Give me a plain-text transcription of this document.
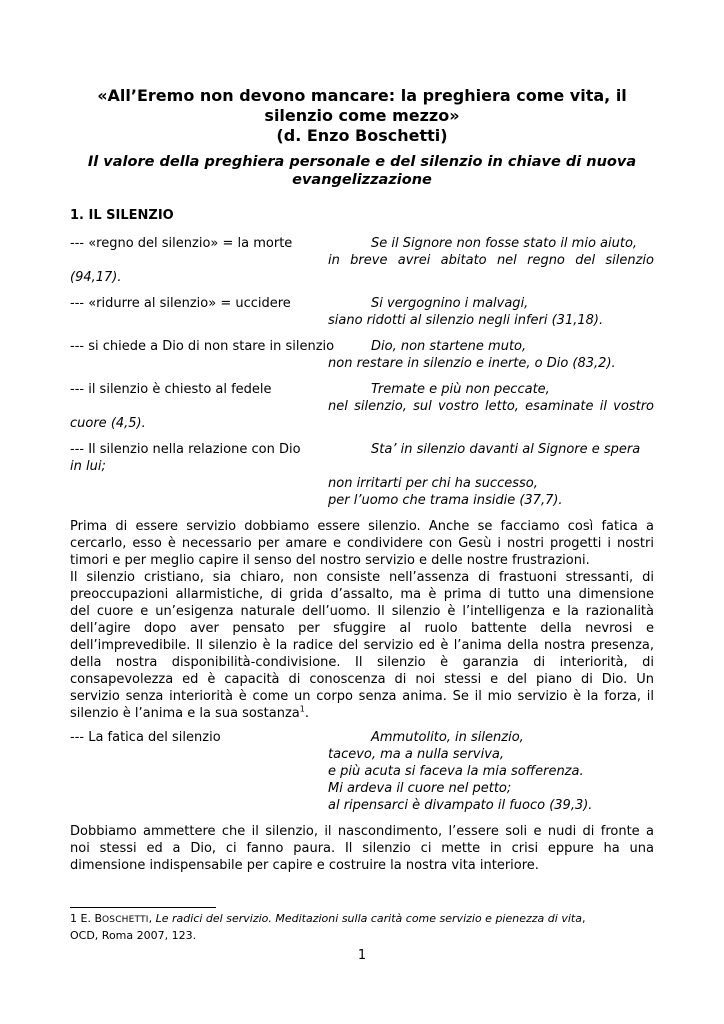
«All’Eremo non devono mancare: la preghiera come vita, il
silenzio come mezzo»
(d. Enzo Boschetti)
Il valore della preghiera personale e del silenzio in chiave di nuova
evangelizzazione
1. IL SILENZIO
--- «regno del silenzio» = la morte	Se il Signore non fosse stato il mio aiuto,
in breve avrei abitato nel regno del silenzio
(94,17).
--- «ridurre al silenzio» = uccidere	Si vergognino i malvagi,
siano ridotti al silenzio negli inferi (31,18).
--- si chiede a Dio di non stare in silenzio	Dio, non startene muto,
non restare in silenzio e inerte, o Dio (83,2).
--- il silenzio è chiesto al fedele	Tremate e più non peccate,
nel silenzio, sul vostro letto, esaminate il vostro
cuore (4,5).
--- Il silenzio nella relazione con Dio	Sta’ in silenzio davanti al Signore e spera
in lui;
non irritarti per chi ha successo,
per l’uomo che trama insidie (37,7).
Prima di essere servizio dobbiamo essere silenzio. Anche se facciamo così fatica a
cercarlo, esso è necessario per amare e condividere con Gesù i nostri progetti i nostri
timori e per meglio capire il senso del nostro servizio e delle nostre frustrazioni.
Il silenzio cristiano, sia chiaro, non consiste nell’assenza di frastuoni stressanti, di
preoccupazioni allarmistiche, di grida d’assalto, ma è prima di tutto una dimensione
del cuore e un’esigenza naturale dell’uomo. Il silenzio è l’intelligenza e la razionalità
dell’agire dopo aver pensato per sfuggire al ruolo battente della nevrosi e
dell’imprevedibile. Il silenzio è la radice del servizio ed è l’anima della nostra presenza,
della nostra disponibilità-condivisione. Il silenzio è garanzia di interiorità, di
consapevolezza ed è capacità di conoscenza di noi stessi e del piano di Dio. Un
servizio senza interiorità è come un corpo senza anima. Se il mio servizio è la forza, il
silenzio è l’anima e la sua sostanza$^1$.
--- La fatica del silenzio	Ammutolito, in silenzio,
tacevo, ma a nulla serviva,
e più acuta si faceva la mia sofferenza.
Mi ardeva il cuore nel petto;
al ripensarci è divampato il fuoco (39,3).
Dobbiamo ammettere che il silenzio, il nascondimento, l’essere soli e nudi di fronte a
noi stessi ed a Dio, ci fanno paura. Il silenzio ci mette in crisi eppure ha una
dimensione indispensabile per capire e costruire la nostra vita interiore.
1 E. BOSCHETTI, Le radici del servizio. Meditazioni sulla carità come servizio e pienezza di vita,
OCD, Roma 2007, 123.
1
